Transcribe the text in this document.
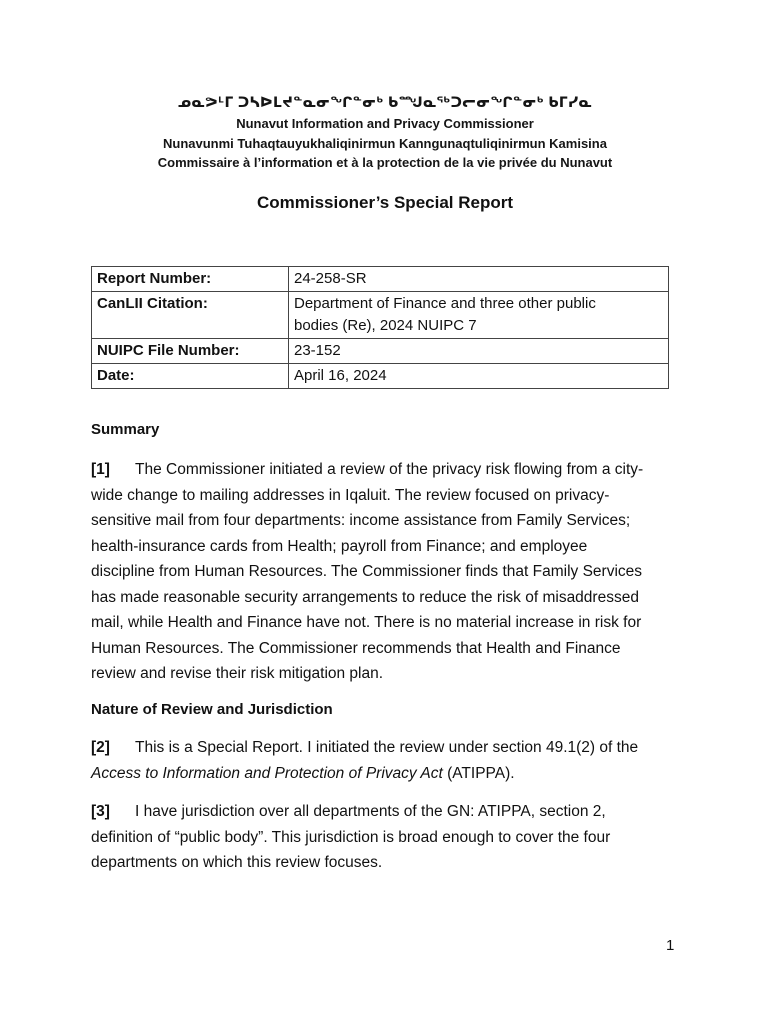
ᓄᓇᕗᒻᒥ ᑐᓴᐅᒪᔪᓐᓇᓂᖏᓐᓂᒃ ᑲᙳᓇᖅᑐᓕᓂᖏᓐᓂᒃ ᑲᒥᓯᓇ
Nunavut Information and Privacy Commissioner
Nunavunmi Tuhaqtauyukhaliqinirmun Kanngunaqtuliqinirmun Kamisina
Commissaire à l’information et à la protection de la vie privée du Nunavut
Commissioner’s Special Report
Report Number:	24-258-SR
CanLII Citation:	Department of Finance and three other public
bodies (Re), 2024 NUIPC 7
NUIPC File Number:	23-152
Date:	April 16, 2024
Summary
[1] The Commissioner initiated a review of the privacy risk flowing from a city-
wide change to mailing addresses in Iqaluit. The review focused on privacy-
sensitive mail from four departments: income assistance from Family Services;
health-insurance cards from Health; payroll from Finance; and employee
discipline from Human Resources. The Commissioner finds that Family Services
has made reasonable security arrangements to reduce the risk of misaddressed
mail, while Health and Finance have not. There is no material increase in risk for
Human Resources. The Commissioner recommends that Health and Finance
review and revise their risk mitigation plan.
Nature of Review and Jurisdiction
[2] This is a Special Report. I initiated the review under section 49.1(2) of the
Access to Information and Protection of Privacy Act (ATIPPA).
[3] I have jurisdiction over all departments of the GN: ATIPPA, section 2,
definition of “public body”. This jurisdiction is broad enough to cover the four
departments on which this review focuses.
1
